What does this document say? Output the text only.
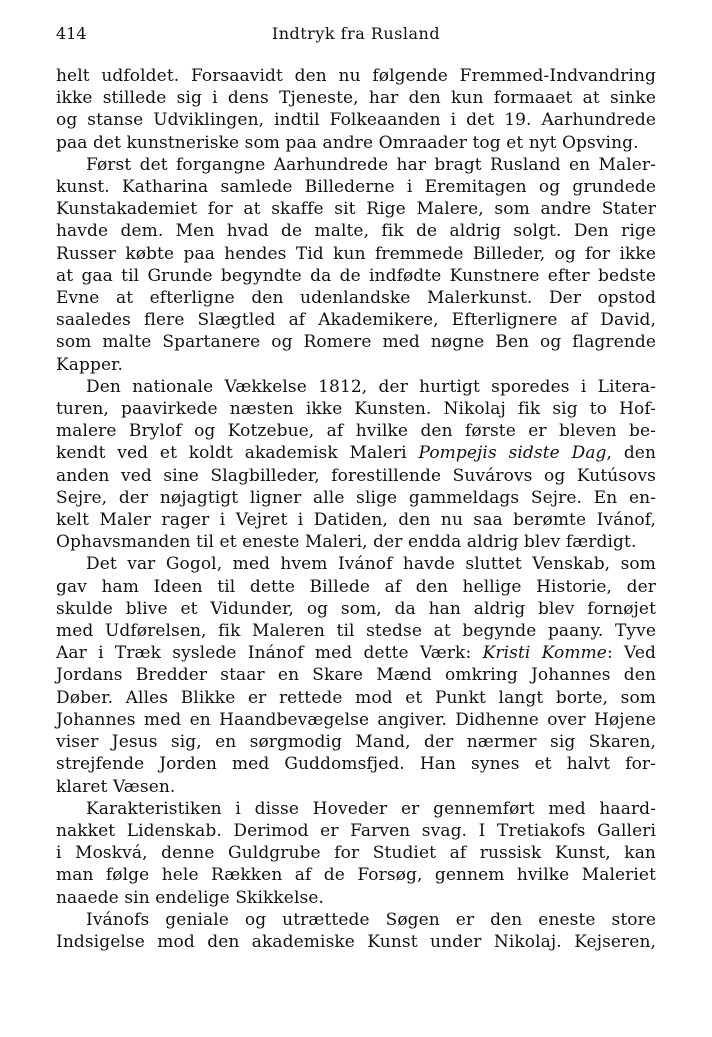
414	Indtryk fra Rusland

helt udfoldet. Forsaavidt den nu følgende Fremmed-Indvandring
ikke stillede sig i dens Tjeneste, har den kun formaaet at sinke
og stanse Udviklingen, indtil Folkeaanden i det 19. Aarhundrede
paa det kunstneriske som paa andre Omraader tog et nyt Opsving.

Først det forgangne Aarhundrede har bragt Rusland en Maler-
kunst. Katharina samlede Billederne i Eremitagen og grundede
Kunstakademiet for at skaffe sit Rige Malere, som andre Stater
havde dem. Men hvad de malte, fik de aldrig solgt. Den rige
Russer købte paa hendes Tid kun fremmede Billeder, og for ikke
at gaa til Grunde begyndte da de indfødte Kunstnere efter bedste
Evne at efterligne den udenlandske Malerkunst. Der opstod
saaledes flere Slægtled af Akademikere, Efterlignere af David,
som malte Spartanere og Romere med nøgne Ben og flagrende
Kapper.

Den nationale Vækkelse 1812, der hurtigt sporedes i Litera-
turen, paavirkede næsten ikke Kunsten. Nikolaj fik sig to Hof-
malere Brylof og Kotzebue, af hvilke den første er bleven be-
kendt ved et koldt akademisk Maleri Pompejis sidste Dag, den
anden ved sine Slagbilleder, forestillende Suvárovs og Kutúsovs
Sejre, der nøjagtigt ligner alle slige gammeldags Sejre. En en-
kelt Maler rager i Vejret i Datiden, den nu saa berømte Ivánof,
Ophavsmanden til et eneste Maleri, der endda aldrig blev færdigt.

Det var Gogol, med hvem Ivánof havde sluttet Venskab, som
gav ham Ideen til dette Billede af den hellige Historie, der
skulde blive et Vidunder, og som, da han aldrig blev fornøjet
med Udførelsen, fik Maleren til stedse at begynde paany. Tyve
Aar i Træk syslede Inánof med dette Værk: Kristi Komme: Ved
Jordans Bredder staar en Skare Mænd omkring Johannes den
Døber. Alles Blikke er rettede mod et Punkt langt borte, som
Johannes med en Haandbevægelse angiver. Didhenne over Højene
viser Jesus sig, en sørgmodig Mand, der nærmer sig Skaren,
strejfende Jorden med Guddomsfjed. Han synes et halvt for-
klaret Væsen.

Karakteristiken i disse Hoveder er gennemført med haard-
nakket Lidenskab. Derimod er Farven svag. I Tretiakofs Galleri
i Moskvá, denne Guldgrube for Studiet af russisk Kunst, kan
man følge hele Rækken af de Forsøg, gennem hvilke Maleriet
naaede sin endelige Skikkelse.

Ivánofs geniale og utrættede Søgen er den eneste store
Indsigelse mod den akademiske Kunst under Nikolaj. Kejseren,
